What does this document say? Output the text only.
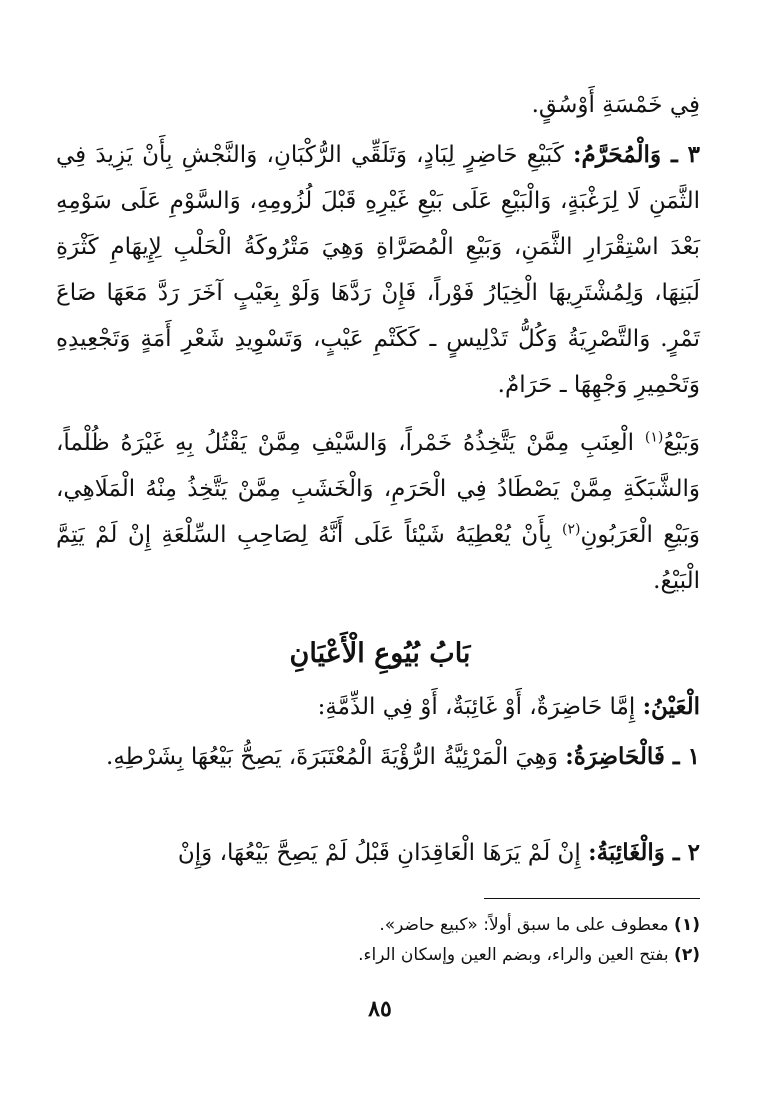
فِي خَمْسَةِ أَوْسُقٍ.

٣ ـ وَالْمُحَرَّمُ: كَبَيْعِ حَاضِرٍ لِبَادٍ، وَتَلَقِّي الرُّكْبَانِ، وَالنَّجْشِ بِأَنْ يَزِيدَ فِي الثَّمَنِ لَا لِرَغْبَةٍ، وَالْبَيْعِ عَلَى بَيْعِ غَيْرِهِ قَبْلَ لُزُومِهِ، وَالسَّوْمِ عَلَى سَوْمِهِ بَعْدَ اسْتِقْرَارِ الثَّمَنِ، وَبَيْعِ الْمُصَرَّاةِ وَهِيَ مَتْرُوكَةُ الْحَلْبِ لِإِيهَامِ كَثْرَةِ لَبَنِهَا، وَلِمُشْتَرِيهَا الْخِيَارُ فَوْراً، فَإِنْ رَدَّهَا وَلَوْ بِعَيْبٍ آخَرَ رَدَّ مَعَهَا صَاعَ تَمْرٍ. وَالتَّصْرِيَةُ وَكُلُّ تَدْلِيسٍ ـ كَكَتْمِ عَيْبٍ، وَتَسْوِيدِ شَعْرِ أَمَةٍ وَتَجْعِيدِهِ وَتَحْمِيرِ وَجْهِهَا ـ حَرَامٌ.

وَبَيْعُ$^{(١)}$ الْعِنَبِ مِمَّنْ يَتَّخِذُهُ خَمْراً، وَالسَّيْفِ مِمَّنْ يَقْتُلُ بِهِ غَيْرَهُ ظُلْماً، وَالشَّبَكَةِ مِمَّنْ يَصْطَادُ فِي الْحَرَمِ، وَالْخَشَبِ مِمَّنْ يَتَّخِذُ مِنْهُ الْمَلَاهِي، وَبَيْعِ الْعَرَبُونِ$^{(٢)}$ بِأَنْ يُعْطِيَهُ شَيْئاً عَلَى أَنَّهُ لِصَاحِبِ السِّلْعَةِ إِنْ لَمْ يَتِمَّ الْبَيْعُ.

بَابُ بُيُوعِ الْأَعْيَانِ

الْعَيْنُ: إِمَّا حَاضِرَةٌ، أَوْ غَائِبَةٌ، أَوْ فِي الذِّمَّةِ:

١ ـ فَالْحَاضِرَةُ: وَهِيَ الْمَرْئِيَّةُ الرُّؤْيَةَ الْمُعْتَبَرَةَ، يَصِحُّ بَيْعُهَا بِشَرْطِهِ.

٢ ـ وَالْغَائِبَةُ: إِنْ لَمْ يَرَهَا الْعَاقِدَانِ قَبْلُ لَمْ يَصِحَّ بَيْعُهَا، وَإِنْ

(١) معطوف على ما سبق أولاً: «كبيع حاضر».

(٢) بفتح العين والراء، وبضم العين وإسكان الراء.

٨٥
